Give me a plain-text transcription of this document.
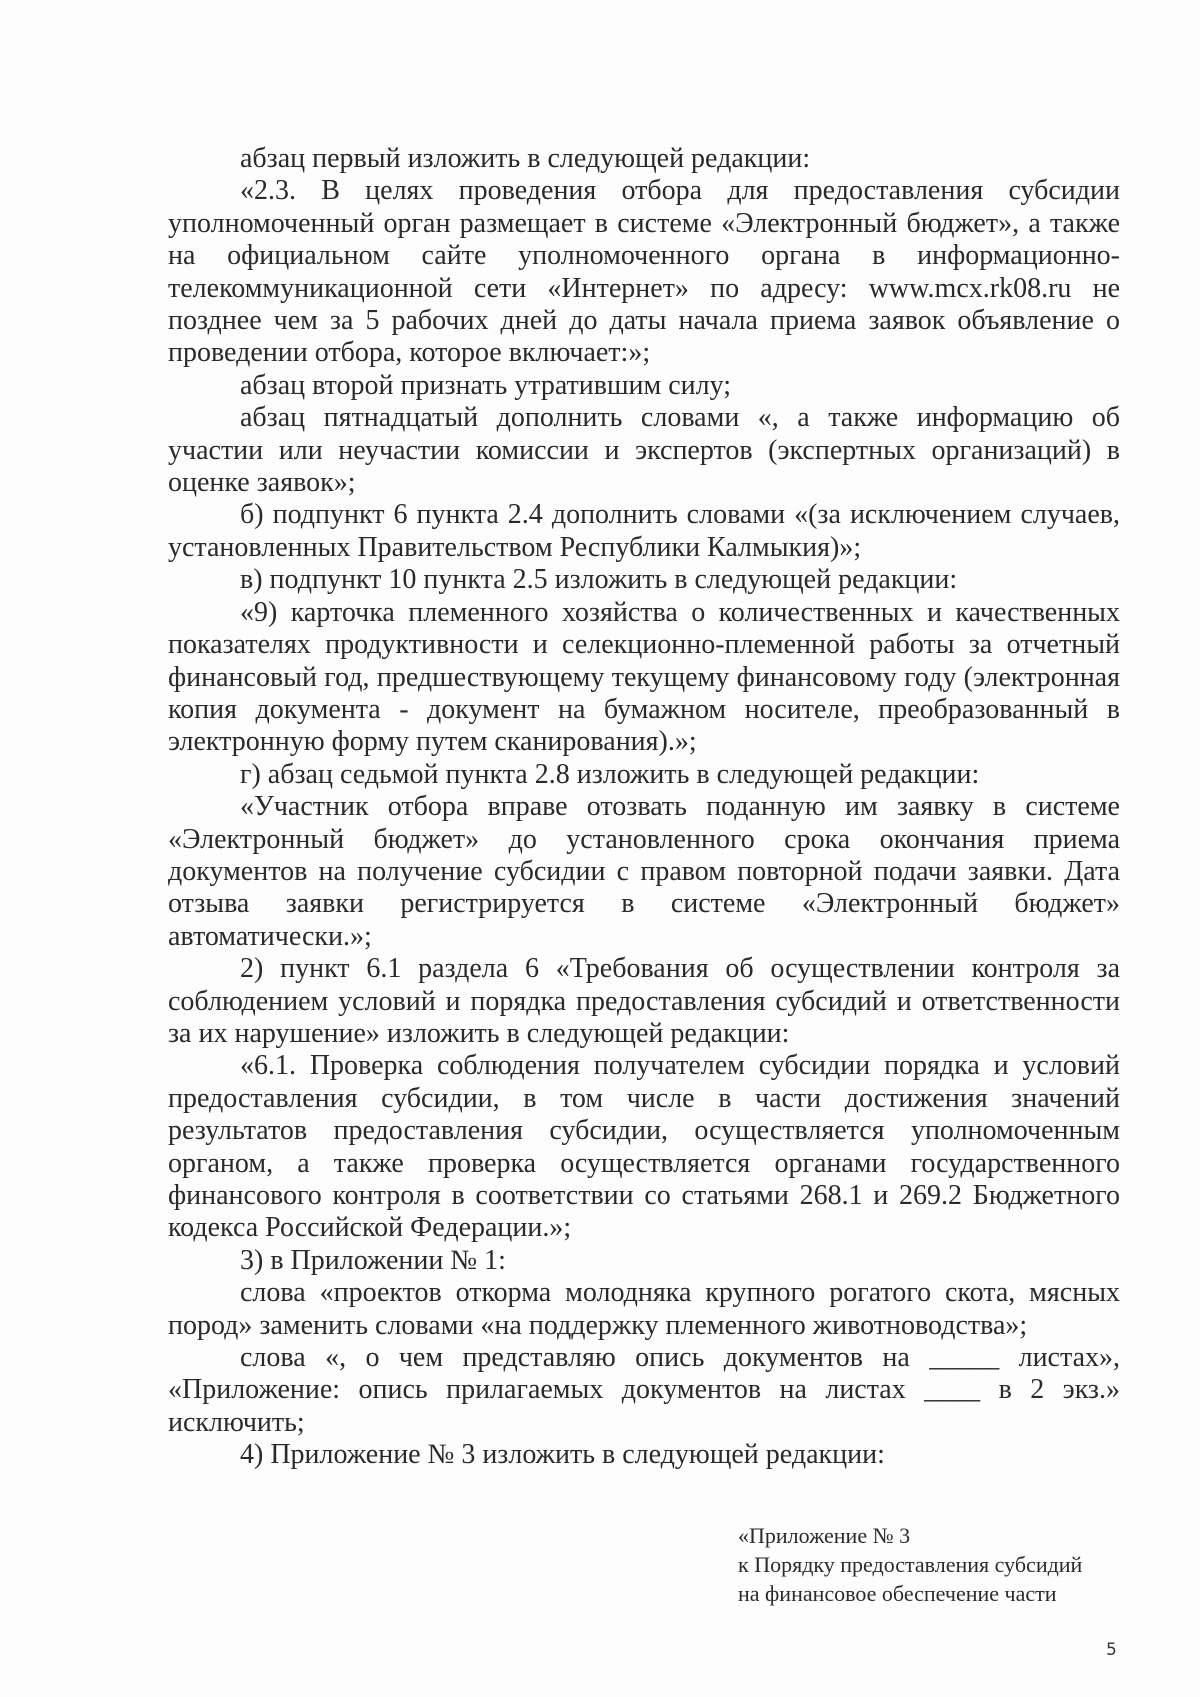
абзац первый изложить в следующей редакции:

«2.3. В целях проведения отбора для предоставления субсидии уполномоченный орган размещает в системе «Электронный бюджет», а также на официальном сайте уполномоченного органа в информационно-телекоммуникационной сети «Интернет» по адресу: www.mcx.rk08.ru не позднее чем за 5 рабочих дней до даты начала приема заявок объявление о проведении отбора, которое включает:»;

абзац второй признать утратившим силу;

абзац пятнадцатый дополнить словами «, а также информацию об участии или неучастии комиссии и экспертов (экспертных организаций) в оценке заявок»;

б) подпункт 6 пункта 2.4 дополнить словами «(за исключением случаев, установленных Правительством Республики Калмыкия)»;

в) подпункт 10 пункта 2.5 изложить в следующей редакции:

«9) карточка племенного хозяйства о количественных и качественных показателях продуктивности и селекционно-племенной работы за отчетный финансовый год, предшествующему текущему финансовому году (электронная копия документа - документ на бумажном носителе, преобразованный в электронную форму путем сканирования).»;

г) абзац седьмой пункта 2.8 изложить в следующей редакции:

«Участник отбора вправе отозвать поданную им заявку в системе «Электронный бюджет» до установленного срока окончания приема документов на получение субсидии с правом повторной подачи заявки. Дата отзыва заявки регистрируется в системе «Электронный бюджет» автоматически.»;

2) пункт 6.1 раздела 6 «Требования об осуществлении контроля за соблюдением условий и порядка предоставления субсидий и ответственности за их нарушение» изложить в следующей редакции:

«6.1. Проверка соблюдения получателем субсидии порядка и условий предоставления субсидии, в том числе в части достижения значений результатов предоставления субсидии, осуществляется уполномоченным органом, а также проверка осуществляется органами государственного финансового контроля в соответствии со статьями 268.1 и 269.2 Бюджетного кодекса Российской Федерации.»;

3) в Приложении № 1:

слова «проектов откорма молодняка крупного рогатого скота, мясных пород» заменить словами «на поддержку племенного животноводства»;

слова «, о чем представляю опись документов на _____ листах», «Приложение: опись прилагаемых документов на листах ____ в 2 экз.» исключить;

4) Приложение № 3 изложить в следующей редакции:

«Приложение № 3
к Порядку предоставления субсидий
на финансовое обеспечение части
5
